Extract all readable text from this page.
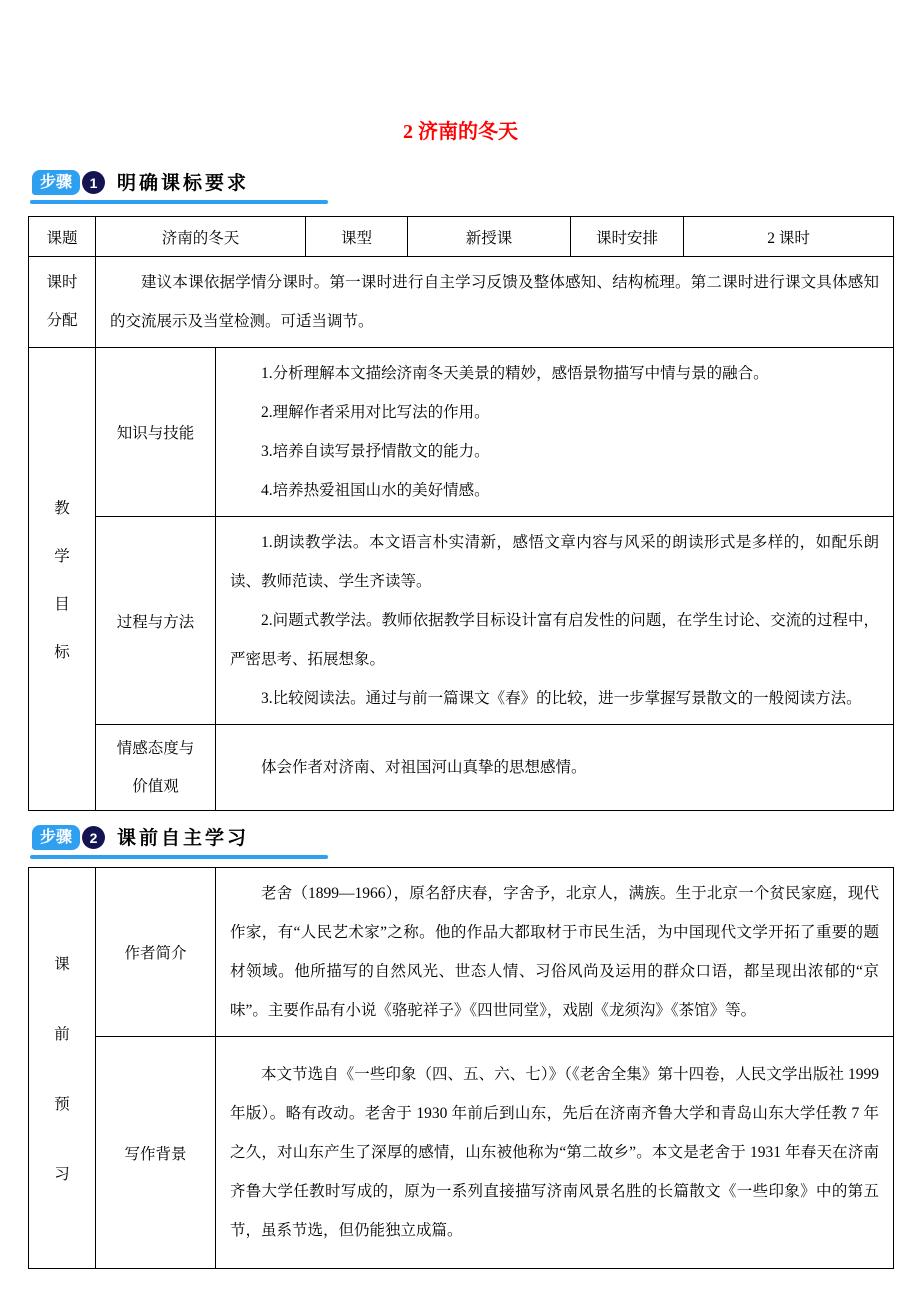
2 济南的冬天
步骤	1	明确课标要求
课题	济南的冬天		课型	新授课	课时安排	2 课时

课时
分配	建议本课依据学情分课时。第一课时进行自主学习反馈及整体感知、结构梳理。第二课时进行课文具体感知的交流展示及当堂检测。可适当调节。					

教
学
目
标
	知识与技能	

1.分析理解本文描绘济南冬天美景的精妙，感悟景物描写中情与景的融合。

2.理解作者采用对比写法的作用。

3.培养自读写景抒情散文的能力。

4.培养热爱祖国山水的美好情感。

	过程与方法	1.朗读教学法。本文语言朴实清新，感悟文章内容与风采的朗读形式是多样的，如配乐朗读、教师范读、学生齐读等。

2.问题式教学法。教师依据教学目标设计富有启发性的问题，在学生讨论、交流的过程中，严密思考、拓展想象。

3.比较阅读法。通过与前一篇课文《春》的比较，进一步掌握写景散文的一般阅读方法。				

	情感态度与
价值观	体会作者对济南、对祖国河山真挚的思想感情。				

步骤	2	课前自主学习
课
前
预
习	作者简介	老舍（1899—1966），原名舒庆春，字舍予，北京人，满族。生于北京一个贫民家庭，现代作家，有“人民艺术家”之称。他的作品大都取材于市民生活，为中国现代文学开拓了重要的题材领域。他所描写的自然风光、世态人情、习俗风尚及运用的群众口语，都呈现出浓郁的“京味”。主要作品有小说《骆驼祥子》《四世同堂》，戏剧《龙须沟》《茶馆》等。

	写作背景	本文节选自《一些印象（四、五、六、七）》（《老舍全集》第十四卷，人民文学出版社 1999 年版）。略有改动。老舍于 1930 年前后到山东，先后在济南齐鲁大学和青岛山东大学任教 7 年之久，对山东产生了深厚的感情，山东被他称为“第二故乡”。本文是老舍于 1931 年春天在济南齐鲁大学任教时写成的，原为一系列直接描写济南风景名胜的长篇散文《一些印象》中的第五节，虽系节选，但仍能独立成篇。
